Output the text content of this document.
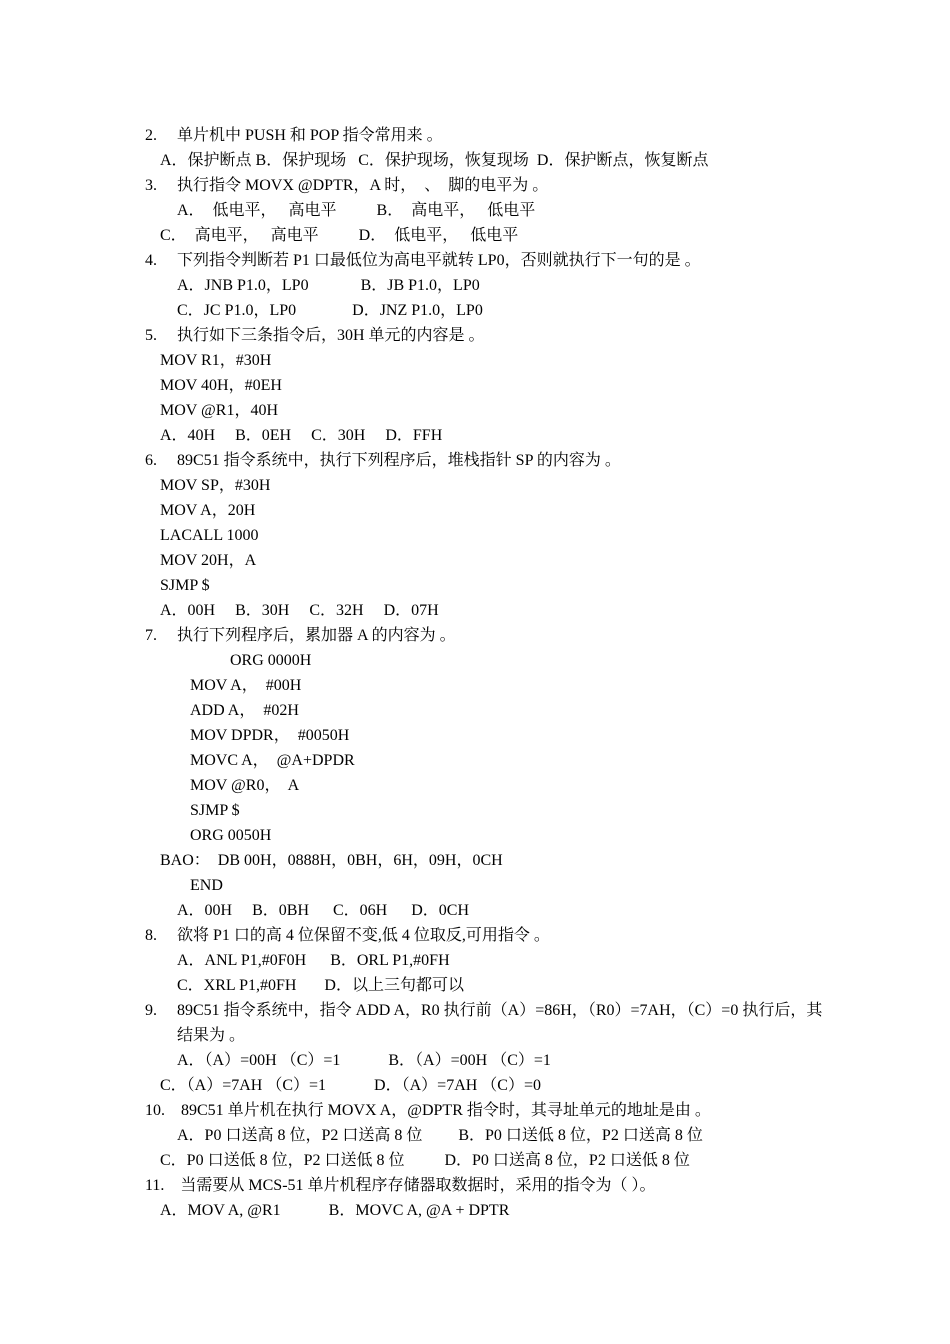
2.     单片机中 PUSH 和 POP 指令常用来 。
A．保护断点 B．保护现场   C．保护现场，恢复现场  D．保护断点，恢复断点
3.     执行指令 MOVX @DPTR，A 时，  、  脚的电平为 。
A．  低电平，   高电平          B．  高电平，   低电平
C．  高电平，   高电平          D．  低电平，   低电平
4.     下列指令判断若 P1 口最低位为高电平就转 LP0，否则就执行下一句的是 。
A．JNB P1.0，LP0             B．JB P1.0，LP0
C．JC P1.0，LP0              D．JNZ P1.0，LP0
5.     执行如下三条指令后，30H 单元的内容是 。
MOV R1，#30H
MOV 40H，#0EH
MOV @R1，40H
A．40H     B．0EH     C．30H     D．FFH
6.     89C51 指令系统中，执行下列程序后，堆栈指针 SP 的内容为 。
MOV SP，#30H
MOV A，20H
LACALL 1000
MOV 20H，A
SJMP $
A．00H     B．30H     C．32H     D．07H
7.     执行下列程序后，累加器 A 的内容为 。
ORG 0000H
MOV A，  #00H
ADD A，  #02H
MOV DPDR，  #0050H
MOVC A，  @A+DPDR
MOV @R0，  A
SJMP $
ORG 0050H
BAO：  DB 00H，0888H，0BH，6H，09H，0CH
END
A．00H     B．0BH      C．06H      D．0CH
8.     欲将 P1 口的高 4 位保留不变,低 4 位取反,可用指令 。
A．ANL P1,#0F0H      B．ORL P1,#0FH
C．XRL P1,#0FH       D．以上三句都可以
9.     89C51 指令系统中，指令 ADD A，R0 执行前（A）=86H，（R0）=7AH，（C）=0 执行后，其
结果为 。
A．（A）=00H （C）=1            B．（A）=00H （C）=1
C．（A）=7AH （C）=1            D．（A）=7AH （C）=0
10.    89C51 单片机在执行 MOVX A，@DPTR 指令时，其寻址单元的地址是由 。
A．P0 口送高 8 位，P2 口送高 8 位         B．P0 口送低 8 位，P2 口送高 8 位
C．P0 口送低 8 位，P2 口送低 8 位          D．P0 口送高 8 位，P2 口送低 8 位
11.    当需要从 MCS-51 单片机程序存储器取数据时，采用的指令为（ ）。
A．MOV A, @R1            B．MOVC A, @A + DPTR
